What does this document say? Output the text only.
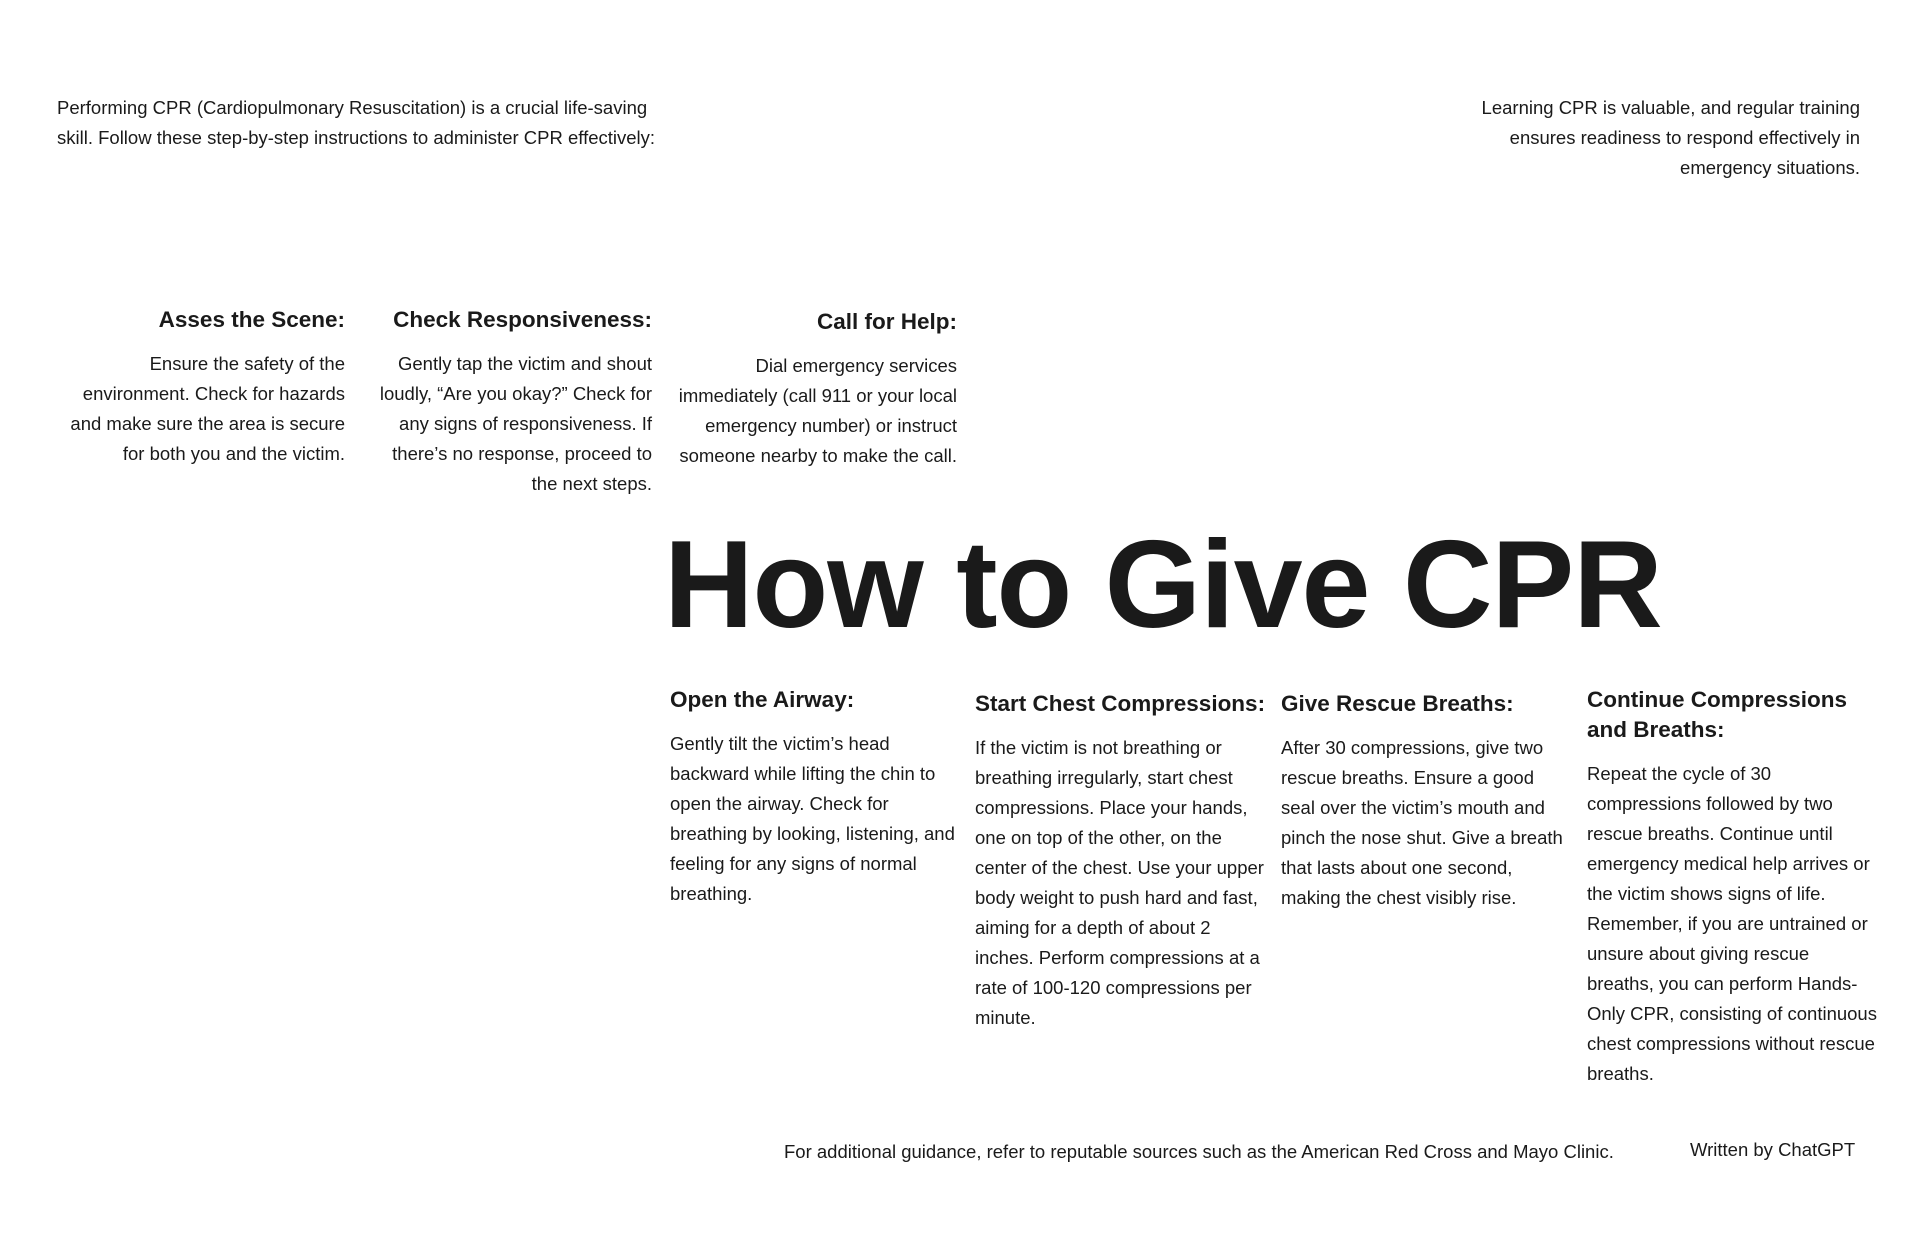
Performing CPR (Cardiopulmonary Resuscitation) is a crucial life-saving skill. Follow these step-by-step instructions to administer CPR effectively:
Learning CPR is valuable, and regular training ensures readiness to respond effectively in emergency situations.
Asses the Scene:

Ensure the safety of the environment. Check for hazards and make sure the area is secure for both you and the victim.

Check Responsiveness:

Gently tap the victim and shout loudly, “Are you okay?” Check for any signs of responsiveness. If there’s no response, proceed to the next steps.

Call for Help:

Dial emergency services immediately (call 911 or your local emergency number) or instruct someone nearby to make the call.

How to Give CPR
Open the Airway:

Gently tilt the victim’s head backward while lifting the chin to open the airway. Check for breathing by looking, listening, and feeling for any signs of normal breathing.

Start Chest Compressions:

If the victim is not breathing or breathing irregularly, start chest compressions. Place your hands, one on top of the other, on the center of the chest. Use your upper body weight to push hard and fast, aiming for a depth of about 2 inches. Perform compressions at a rate of 100-120 compressions per minute.

Give Rescue Breaths:

After 30 compressions, give two rescue breaths. Ensure a good seal over the victim’s mouth and pinch the nose shut. Give a breath that lasts about one second, making the chest visibly rise.

Continue Compressions and Breaths:

Repeat the cycle of 30 compressions followed by two rescue breaths. Continue until emergency medical help arrives or the victim shows signs of life. Remember, if you are untrained or unsure about giving rescue breaths, you can perform Hands-Only CPR, consisting of continuous chest compressions without rescue breaths.

For additional guidance, refer to reputable sources such as the American Red Cross and Mayo Clinic.	Written by ChatGPT
